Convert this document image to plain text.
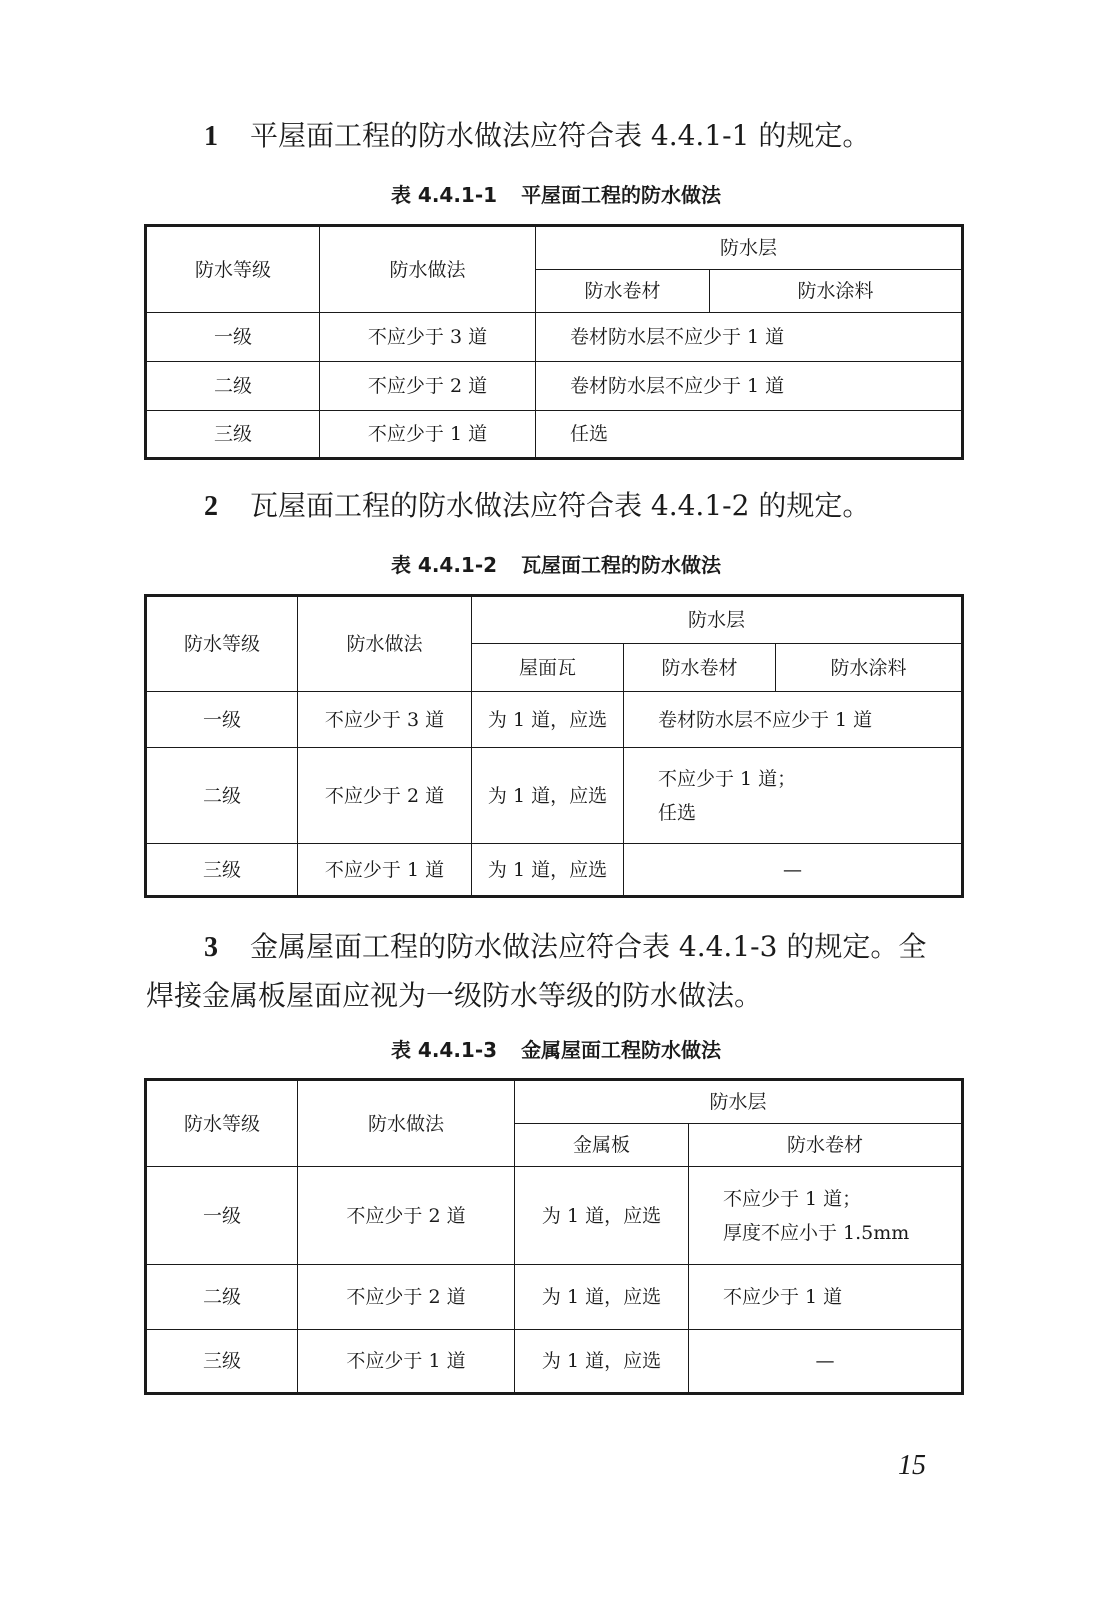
1 平屋面工程的防水做法应符合表 4.4.1-1 的规定。

表 4.4.1-1 平屋面工程的防水做法

防水等级	防水做法	防水层	
		防水卷材	防水涂料
一级	不应少于 3 道	卷材防水层不应少于 1 道	
二级	不应少于 2 道	卷材防水层不应少于 1 道	
三级	不应少于 1 道	任选	

2 瓦屋面工程的防水做法应符合表 4.4.1-2 的规定。

表 4.4.1-2 瓦屋面工程的防水做法

防水等级	防水做法	防水层		
		屋面瓦	防水卷材	防水涂料
一级	不应少于 3 道	为 1 道，应选	卷材防水层不应少于 1 道	
二级	不应少于 2 道	为 1 道，应选	不应少于 1 道；
任选	

三级	不应少于 1 道	为 1 道，应选	—	

3 金属屋面工程的防水做法应符合表 4.4.1-3 的规定。全
焊接金属板屋面应视为一级防水等级的防水做法。

表 4.4.1-3 金属屋面工程防水做法

防水等级	防水做法	防水层	
		金属板	防水卷材
一级	不应少于 2 道	为 1 道，应选	不应少于 1 道；
厚度不应小于 1.5mm

二级	不应少于 2 道	为 1 道，应选	不应少于 1 道
三级	不应少于 1 道	为 1 道，应选	—
15
